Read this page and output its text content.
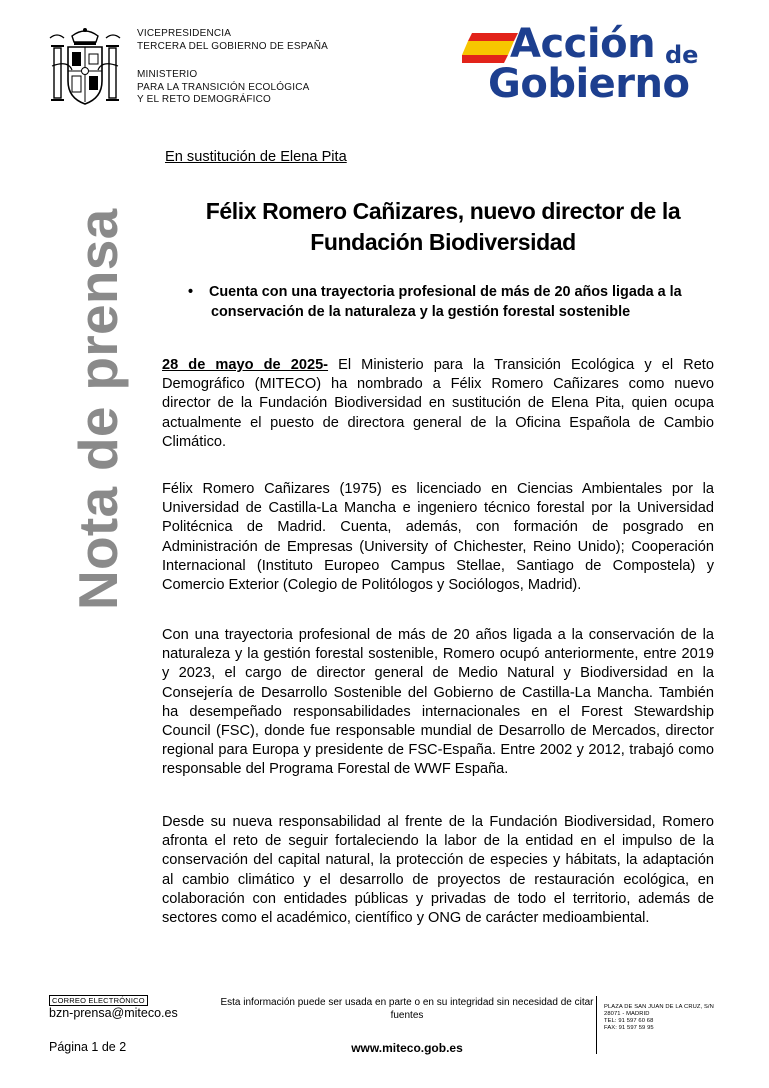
VICEPRESIDENCIA
TERCERA DEL GOBIERNO DE ESPAÑA
MINISTERIO
PARA LA TRANSICIÓN ECOLÓGICA
Y EL RETO DEMOGRÁFICO
Acción de
Gobierno
Nota de prensa
En sustitución de Elena Pita
Félix Romero Cañizares, nuevo director de la
Fundación Biodiversidad
•	Cuenta con una trayectoria profesional de más de 20 años ligada a la
conservación de la naturaleza y la gestión forestal sostenible
28 de mayo de 2025- El Ministerio para la Transición Ecológica y el Reto Demográfico (MITECO) ha nombrado a Félix Romero Cañizares como nuevo director de la Fundación Biodiversidad en sustitución de Elena Pita, quien ocupa actualmente el puesto de directora general de la Oficina Española de Cambio Climático.
Félix Romero Cañizares (1975) es licenciado en Ciencias Ambientales por la Universidad de Castilla-La Mancha e ingeniero técnico forestal por la Universidad Politécnica de Madrid. Cuenta, además, con formación de posgrado en Administración de Empresas (University of Chichester, Reino Unido); Cooperación Internacional (Instituto Europeo Campus Stellae, Santiago de Compostela) y Comercio Exterior (Colegio de Politólogos y Sociólogos, Madrid).
Con una trayectoria profesional de más de 20 años ligada a la conservación de la naturaleza y la gestión forestal sostenible, Romero ocupó anteriormente, entre 2019 y 2023, el cargo de director general de Medio Natural y Biodiversidad en la Consejería de Desarrollo Sostenible del Gobierno de Castilla-La Mancha. También ha desempeñado responsabilidades internacionales en el Forest Stewardship Council (FSC), donde fue responsable mundial de Desarrollo de Mercados, director regional para Europa y presidente de FSC-España. Entre 2002 y 2012, trabajó como responsable del Programa Forestal de WWF España.
Desde su nueva responsabilidad al frente de la Fundación Biodiversidad, Romero afronta el reto de seguir fortaleciendo la labor de la entidad en el impulso de la conservación del capital natural, la protección de especies y hábitats, la adaptación al cambio climático y el desarrollo de proyectos de restauración ecológica, en colaboración con entidades públicas y privadas de todo el territorio, además de sectores como el académico, científico y ONG de carácter medioambiental.
CORREO ELECTRÓNICO
bzn-prensa@miteco.es
Esta información puede ser usada en parte o en su integridad sin necesidad de citar
fuentes
PLAZA DE SAN JUAN DE LA CRUZ, S/N
28071 - MADRID
TEL: 91 597 60 68
FAX: 91 597 59 95
Página 1 de 2	www.miteco.gob.es
